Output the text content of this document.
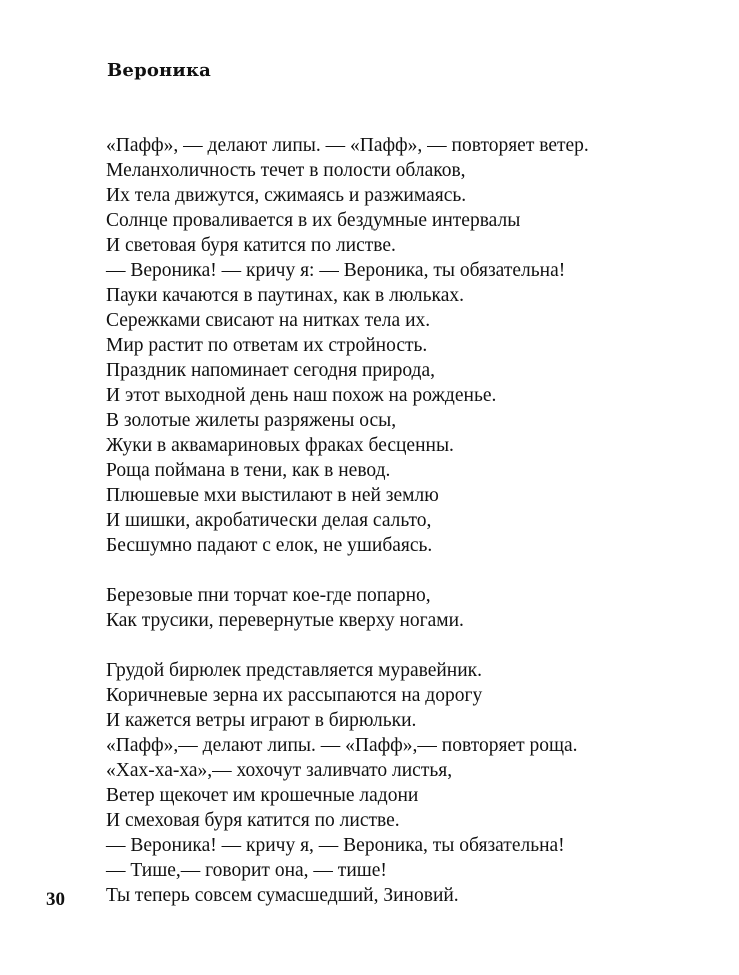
Вероника
«Пафф», — делают липы. — «Пафф», — повторяет ветер.
Меланхоличность течет в полости облаков,
Их тела движутся, сжимаясь и разжимаясь.
Солнце проваливается в их бездумные интервалы
И световая буря катится по листве.
— Вероника! — кричу я: — Вероника, ты обязательна!
Пауки качаются в паутинах, как в люльках.
Сережками свисают на нитках тела их.
Мир растит по ответам их стройность.
Праздник напоминает сегодня природа,
И этот выходной день наш похож на рожденье.
В золотые жилеты разряжены осы,
Жуки в аквамариновых фраках бесценны.
Роща поймана в тени, как в невод.
Плюшевые мхи выстилают в ней землю
И шишки, акробатически делая сальто,
Бесшумно падают с елок, не ушибаясь.
Березовые пни торчат кое-где попарно,
Как трусики, перевернутые кверху ногами.
Грудой бирюлек представляется муравейник.
Коричневые зерна их рассыпаются на дорогу
И кажется ветры играют в бирюльки.
«Пафф»,— делают липы. — «Пафф»,— повторяет роща.
«Хах-ха-ха»,— хохочут заливчато листья,
Ветер щекочет им крошечные ладони
И смеховая буря катится по листве.
— Вероника! — кричу я, — Вероника, ты обязательна!
— Тише,— говорит она, — тише!
Ты теперь совсем сумасшедший, Зиновий.
30
